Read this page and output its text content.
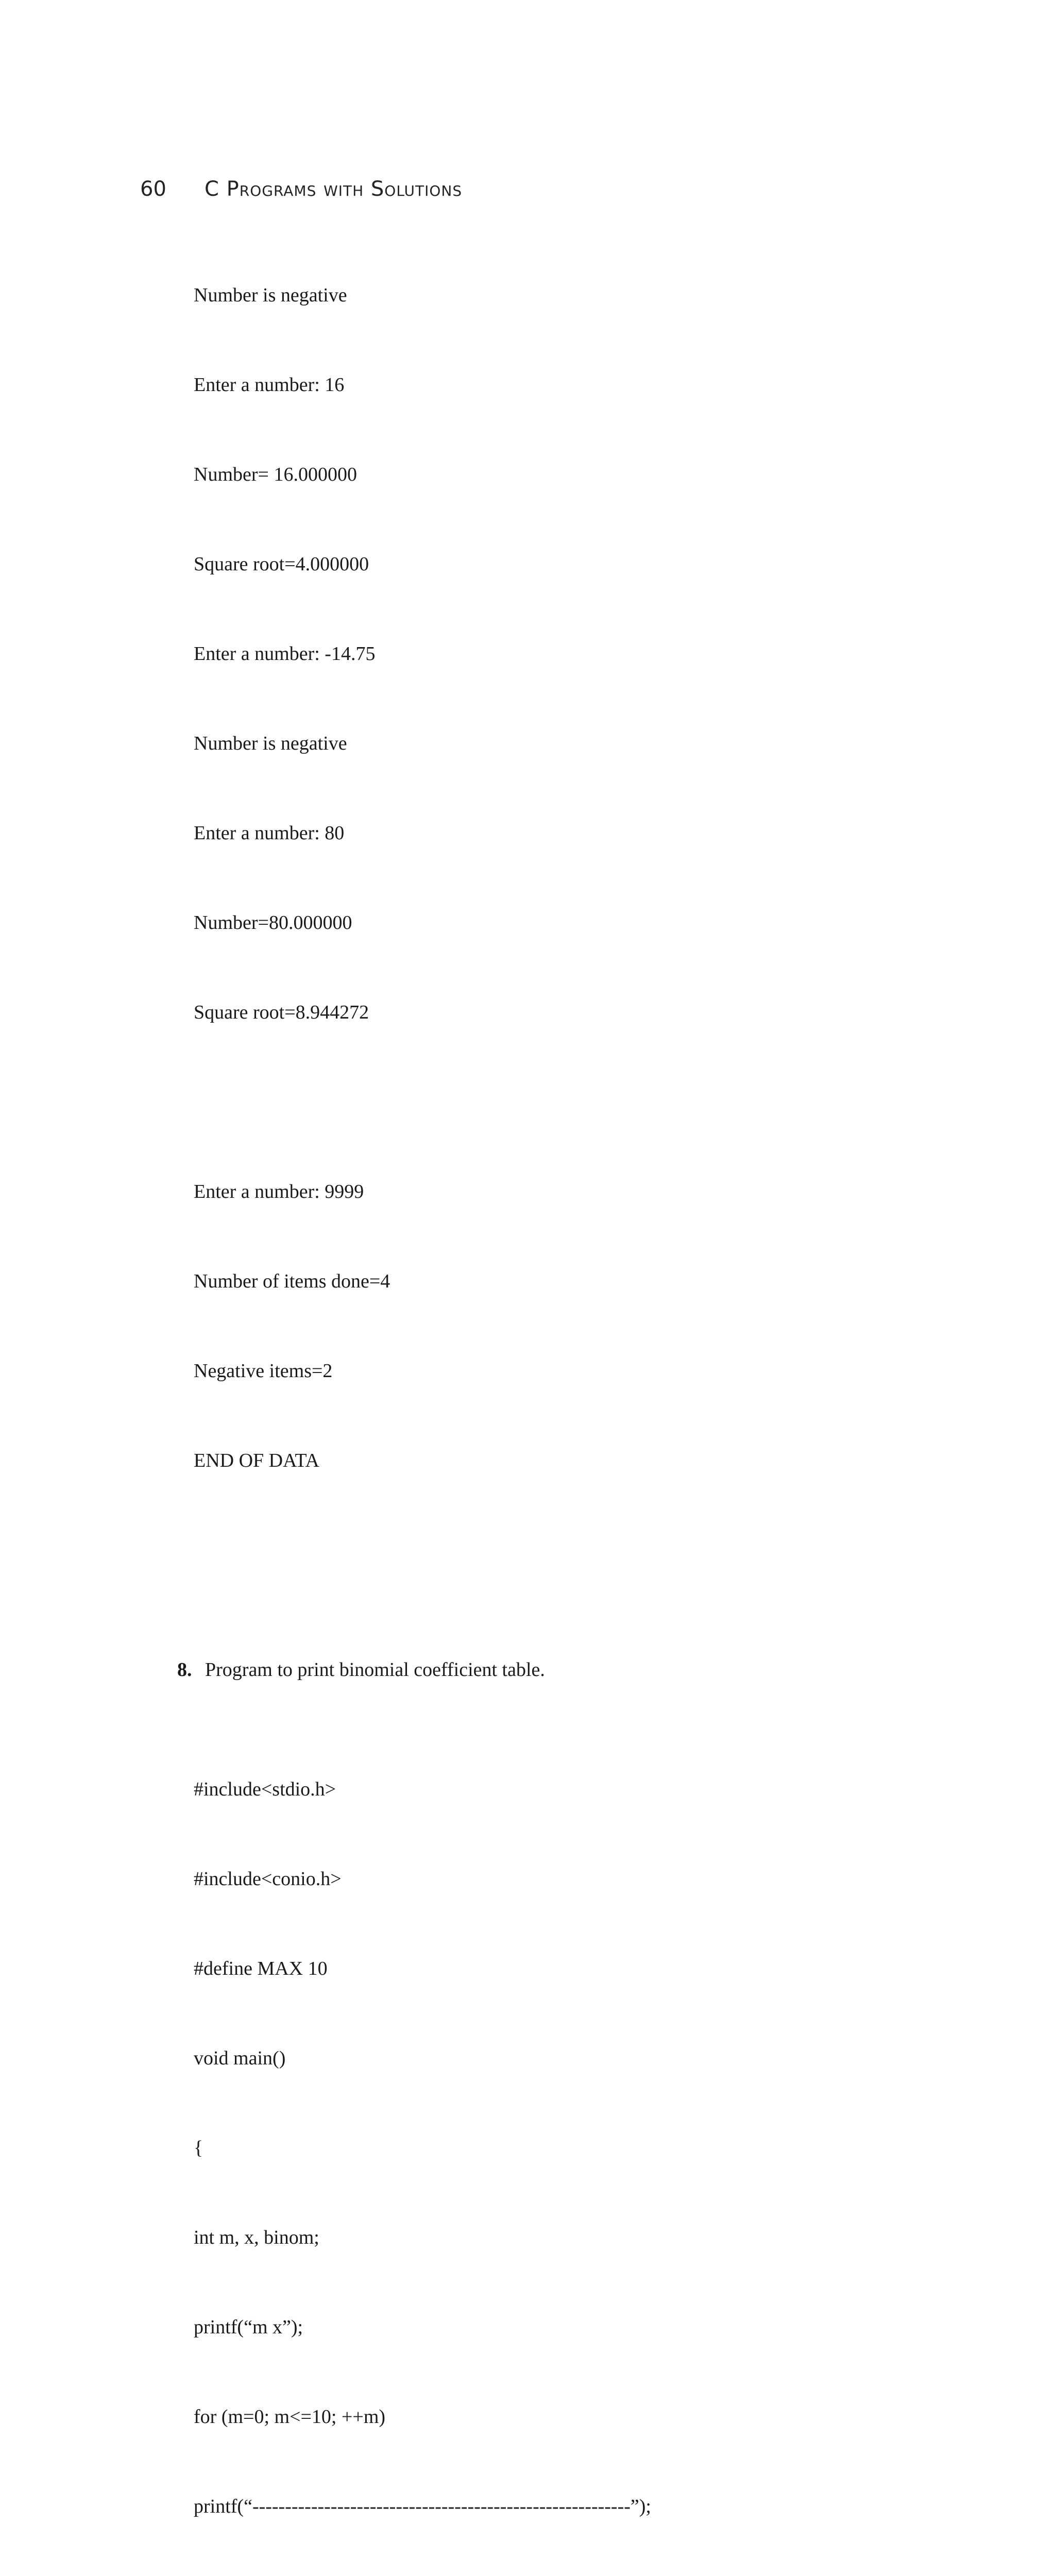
60	C Programs with Solutions

Number is negative

Enter a number: 16

Number= 16.000000

Square root=4.000000

Enter a number: -14.75

Number is negative

Enter a number: 80

Number=80.000000

Square root=8.944272

Enter a number: 9999

Number of items done=4

Negative items=2

END OF DATA

8. Program to print binomial coefficient table.

#include<stdio.h>

#include<conio.h>

#define MAX 10

void main()

{

int m, x, binom;

printf(“m x”);

for (m=0; m<=10; ++m)

printf(“----------------------------------------------------------”);
